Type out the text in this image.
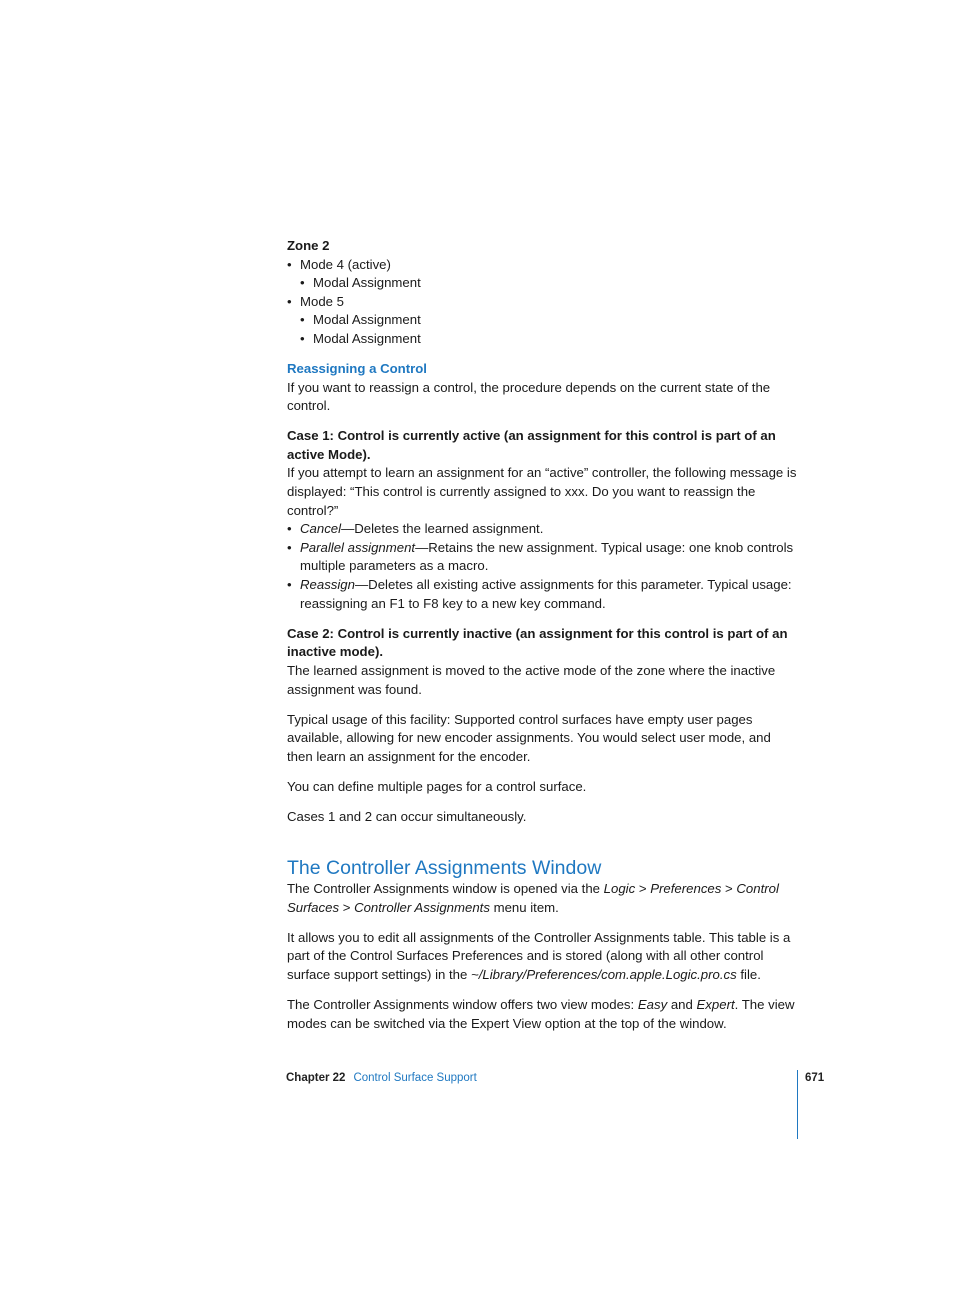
Zone 2

• Mode 4 (active)

• Modal Assignment

• Mode 5

• Modal Assignment

• Modal Assignment

Reassigning a Control

If you want to reassign a control, the procedure depends on the current state of the control.

Case 1: Control is currently active (an assignment for this control is part of an active Mode).

If you attempt to learn an assignment for an “active” controller, the following message is displayed: “This control is currently assigned to xxx. Do you want to reassign the control?”

• Cancel—Deletes the learned assignment.

• Parallel assignment—Retains the new assignment. Typical usage: one knob controls multiple parameters as a macro.

• Reassign—Deletes all existing active assignments for this parameter. Typical usage: reassigning an F1 to F8 key to a new key command.

Case 2: Control is currently inactive (an assignment for this control is part of an inactive mode).

The learned assignment is moved to the active mode of the zone where the inactive assignment was found.

Typical usage of this facility: Supported control surfaces have empty user pages available, allowing for new encoder assignments. You would select user mode, and then learn an assignment for the encoder.

You can define multiple pages for a control surface.

Cases 1 and 2 can occur simultaneously.

The Controller Assignments Window

The Controller Assignments window is opened via the Logic > Preferences > Control Surfaces > Controller Assignments menu item.

It allows you to edit all assignments of the Controller Assignments table. This table is a part of the Control Surfaces Preferences and is stored (along with all other control surface support settings) in the ~/Library/Preferences/com.apple.Logic.pro.cs file.

The Controller Assignments window offers two view modes: Easy and Expert. The view modes can be switched via the Expert View option at the top of the window.

Chapter 22 Control Surface Support	671
